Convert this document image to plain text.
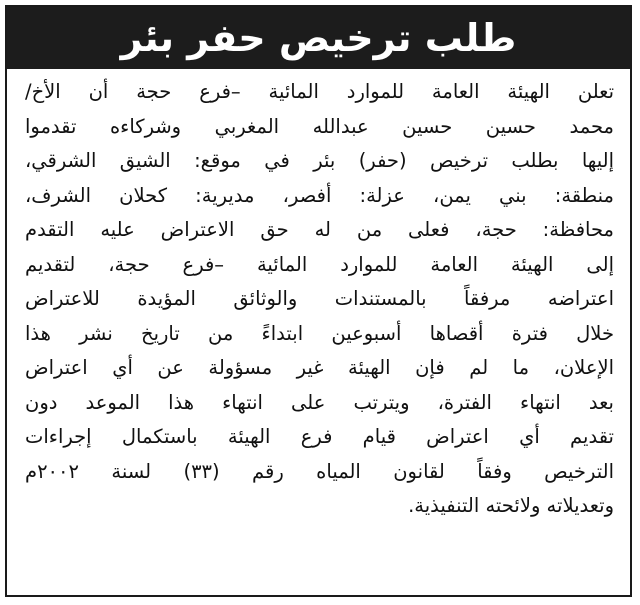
طلب ترخيص حفر بئر
تعلن الهيئة العامة للموارد المائية –فرع حجة أن الأخ/
محمد حسين حسين عبدالله المغربي وشركاءه تقدموا
إليها بطلب ترخيص (حفر) بئر في موقع: الشيق الشرقي،
منطقة: بني يمن، عزلة: أفصر، مديرية: كحلان الشرف،
محافظة: حجة، فعلى من له حق الاعتراض عليه التقدم
إلى الهيئة العامة للموارد المائية –فرع حجة، لتقديم
اعتراضه مرفقاً بالمستندات والوثائق المؤيدة للاعتراض
خلال فترة أقصاها أسبوعين ابتداءً من تاريخ نشر هذا
الإعلان، ما لم فإن الهيئة غير مسؤولة عن أي اعتراض
بعد انتهاء الفترة، ويترتب على انتهاء هذا الموعد دون
تقديم أي اعتراض قيام فرع الهيئة باستكمال إجراءات
الترخيص وفقاً لقانون المياه رقم (٣٣) لسنة ٢٠٠٢م
وتعديلاته ولائحته التنفيذية.
